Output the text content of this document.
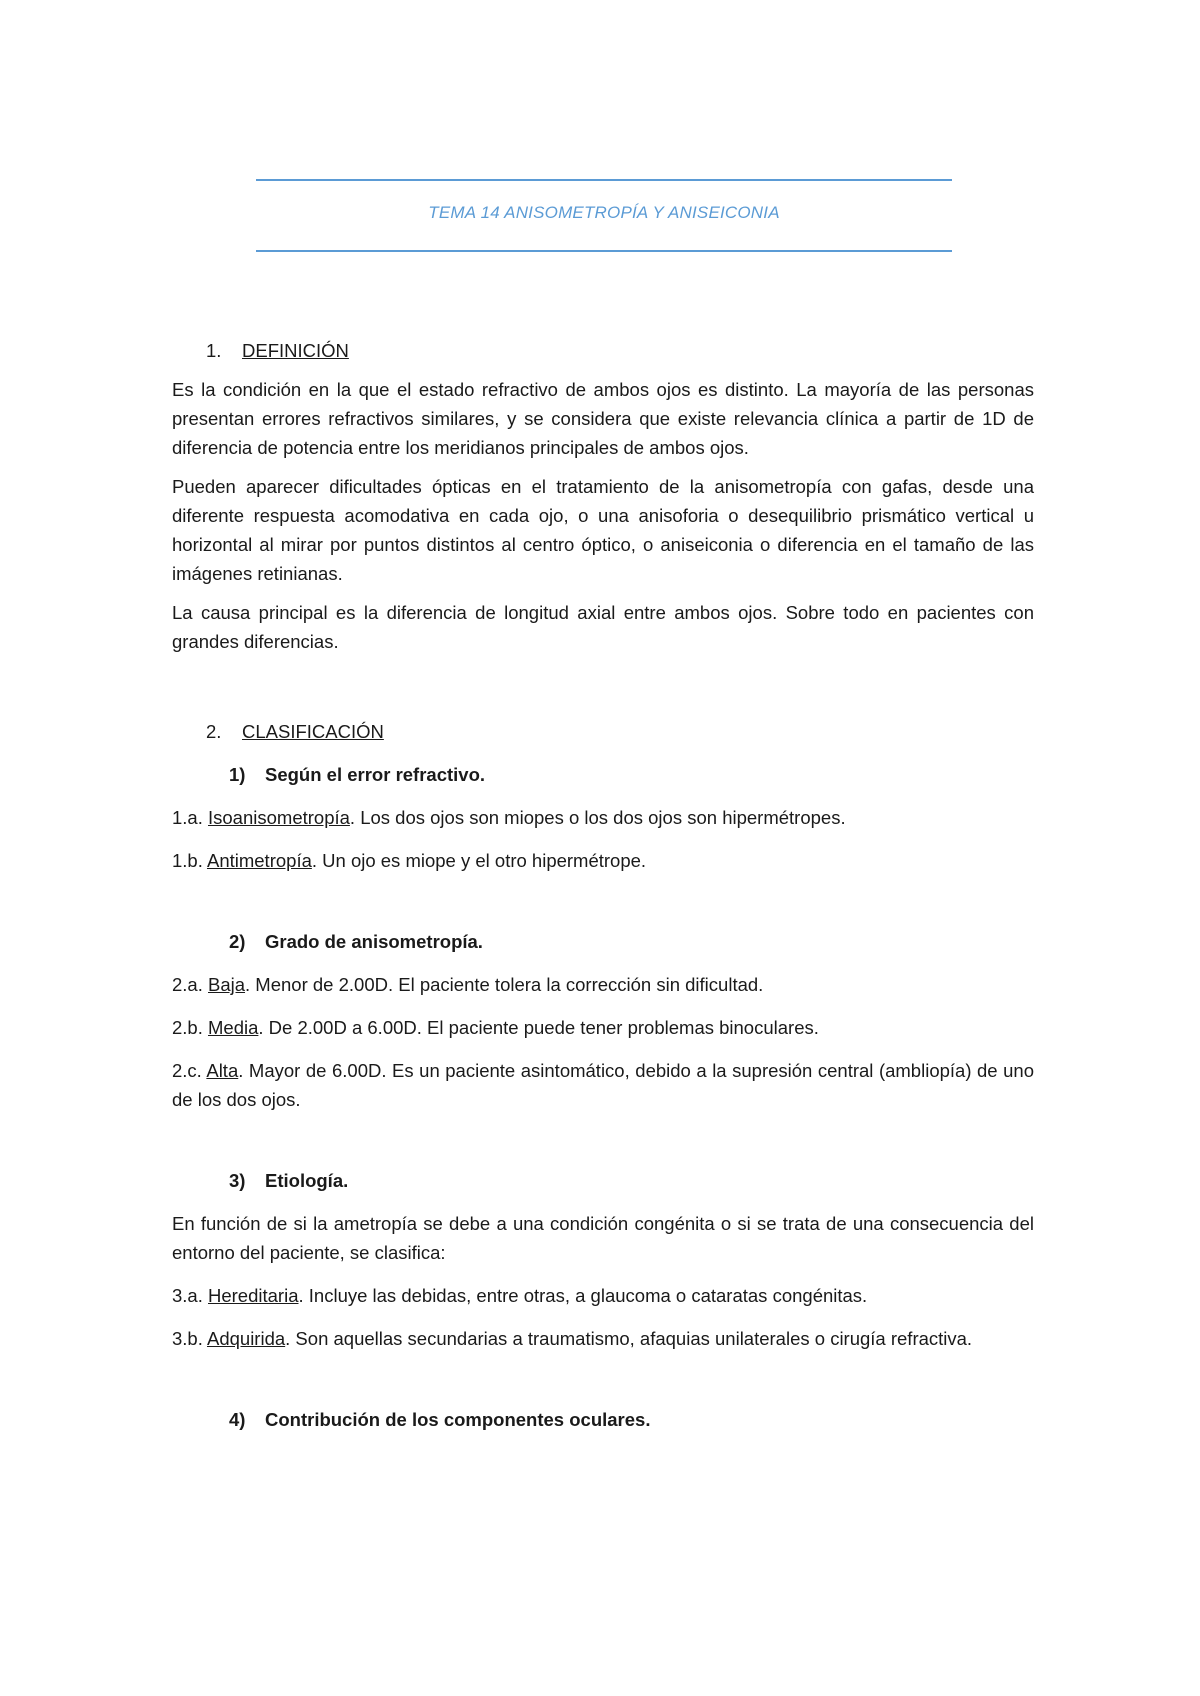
TEMA 14 ANISOMETROPÍA Y ANISEICONIA
1.	DEFINICIÓN

Es la condición en la que el estado refractivo de ambos ojos es distinto. La mayoría de las personas presentan errores refractivos similares, y se considera que existe relevancia clínica a partir de 1D de diferencia de potencia entre los meridianos principales de ambos ojos.

Pueden aparecer dificultades ópticas en el tratamiento de la anisometropía con gafas, desde una diferente respuesta acomodativa en cada ojo, o una anisoforia o desequilibrio prismático vertical u horizontal al mirar por puntos distintos al centro óptico, o aniseiconia o diferencia en el tamaño de las imágenes retinianas.

La causa principal es la diferencia de longitud axial entre ambos ojos. Sobre todo en pacientes con grandes diferencias.

2.	CLASIFICACIÓN
1)	Según el error refractivo.

1.a. Isoanisometropía. Los dos ojos son miopes o los dos ojos son hipermétropes.

1.b. Antimetropía. Un ojo es miope y el otro hipermétrope.

2)	Grado de anisometropía.

2.a. Baja. Menor de 2.00D. El paciente tolera la corrección sin dificultad.

2.b. Media. De 2.00D a 6.00D. El paciente puede tener problemas binoculares.

2.c. Alta. Mayor de 6.00D. Es un paciente asintomático, debido a la supresión central (ambliopía) de uno de los dos ojos.

3)	Etiología.

En función de si la ametropía se debe a una condición congénita o si se trata de una consecuencia del entorno del paciente, se clasifica:

3.a. Hereditaria. Incluye las debidas, entre otras, a glaucoma o cataratas congénitas.

3.b. Adquirida. Son aquellas secundarias a traumatismo, afaquias unilaterales o cirugía refractiva.

4)	Contribución de los componentes oculares.
